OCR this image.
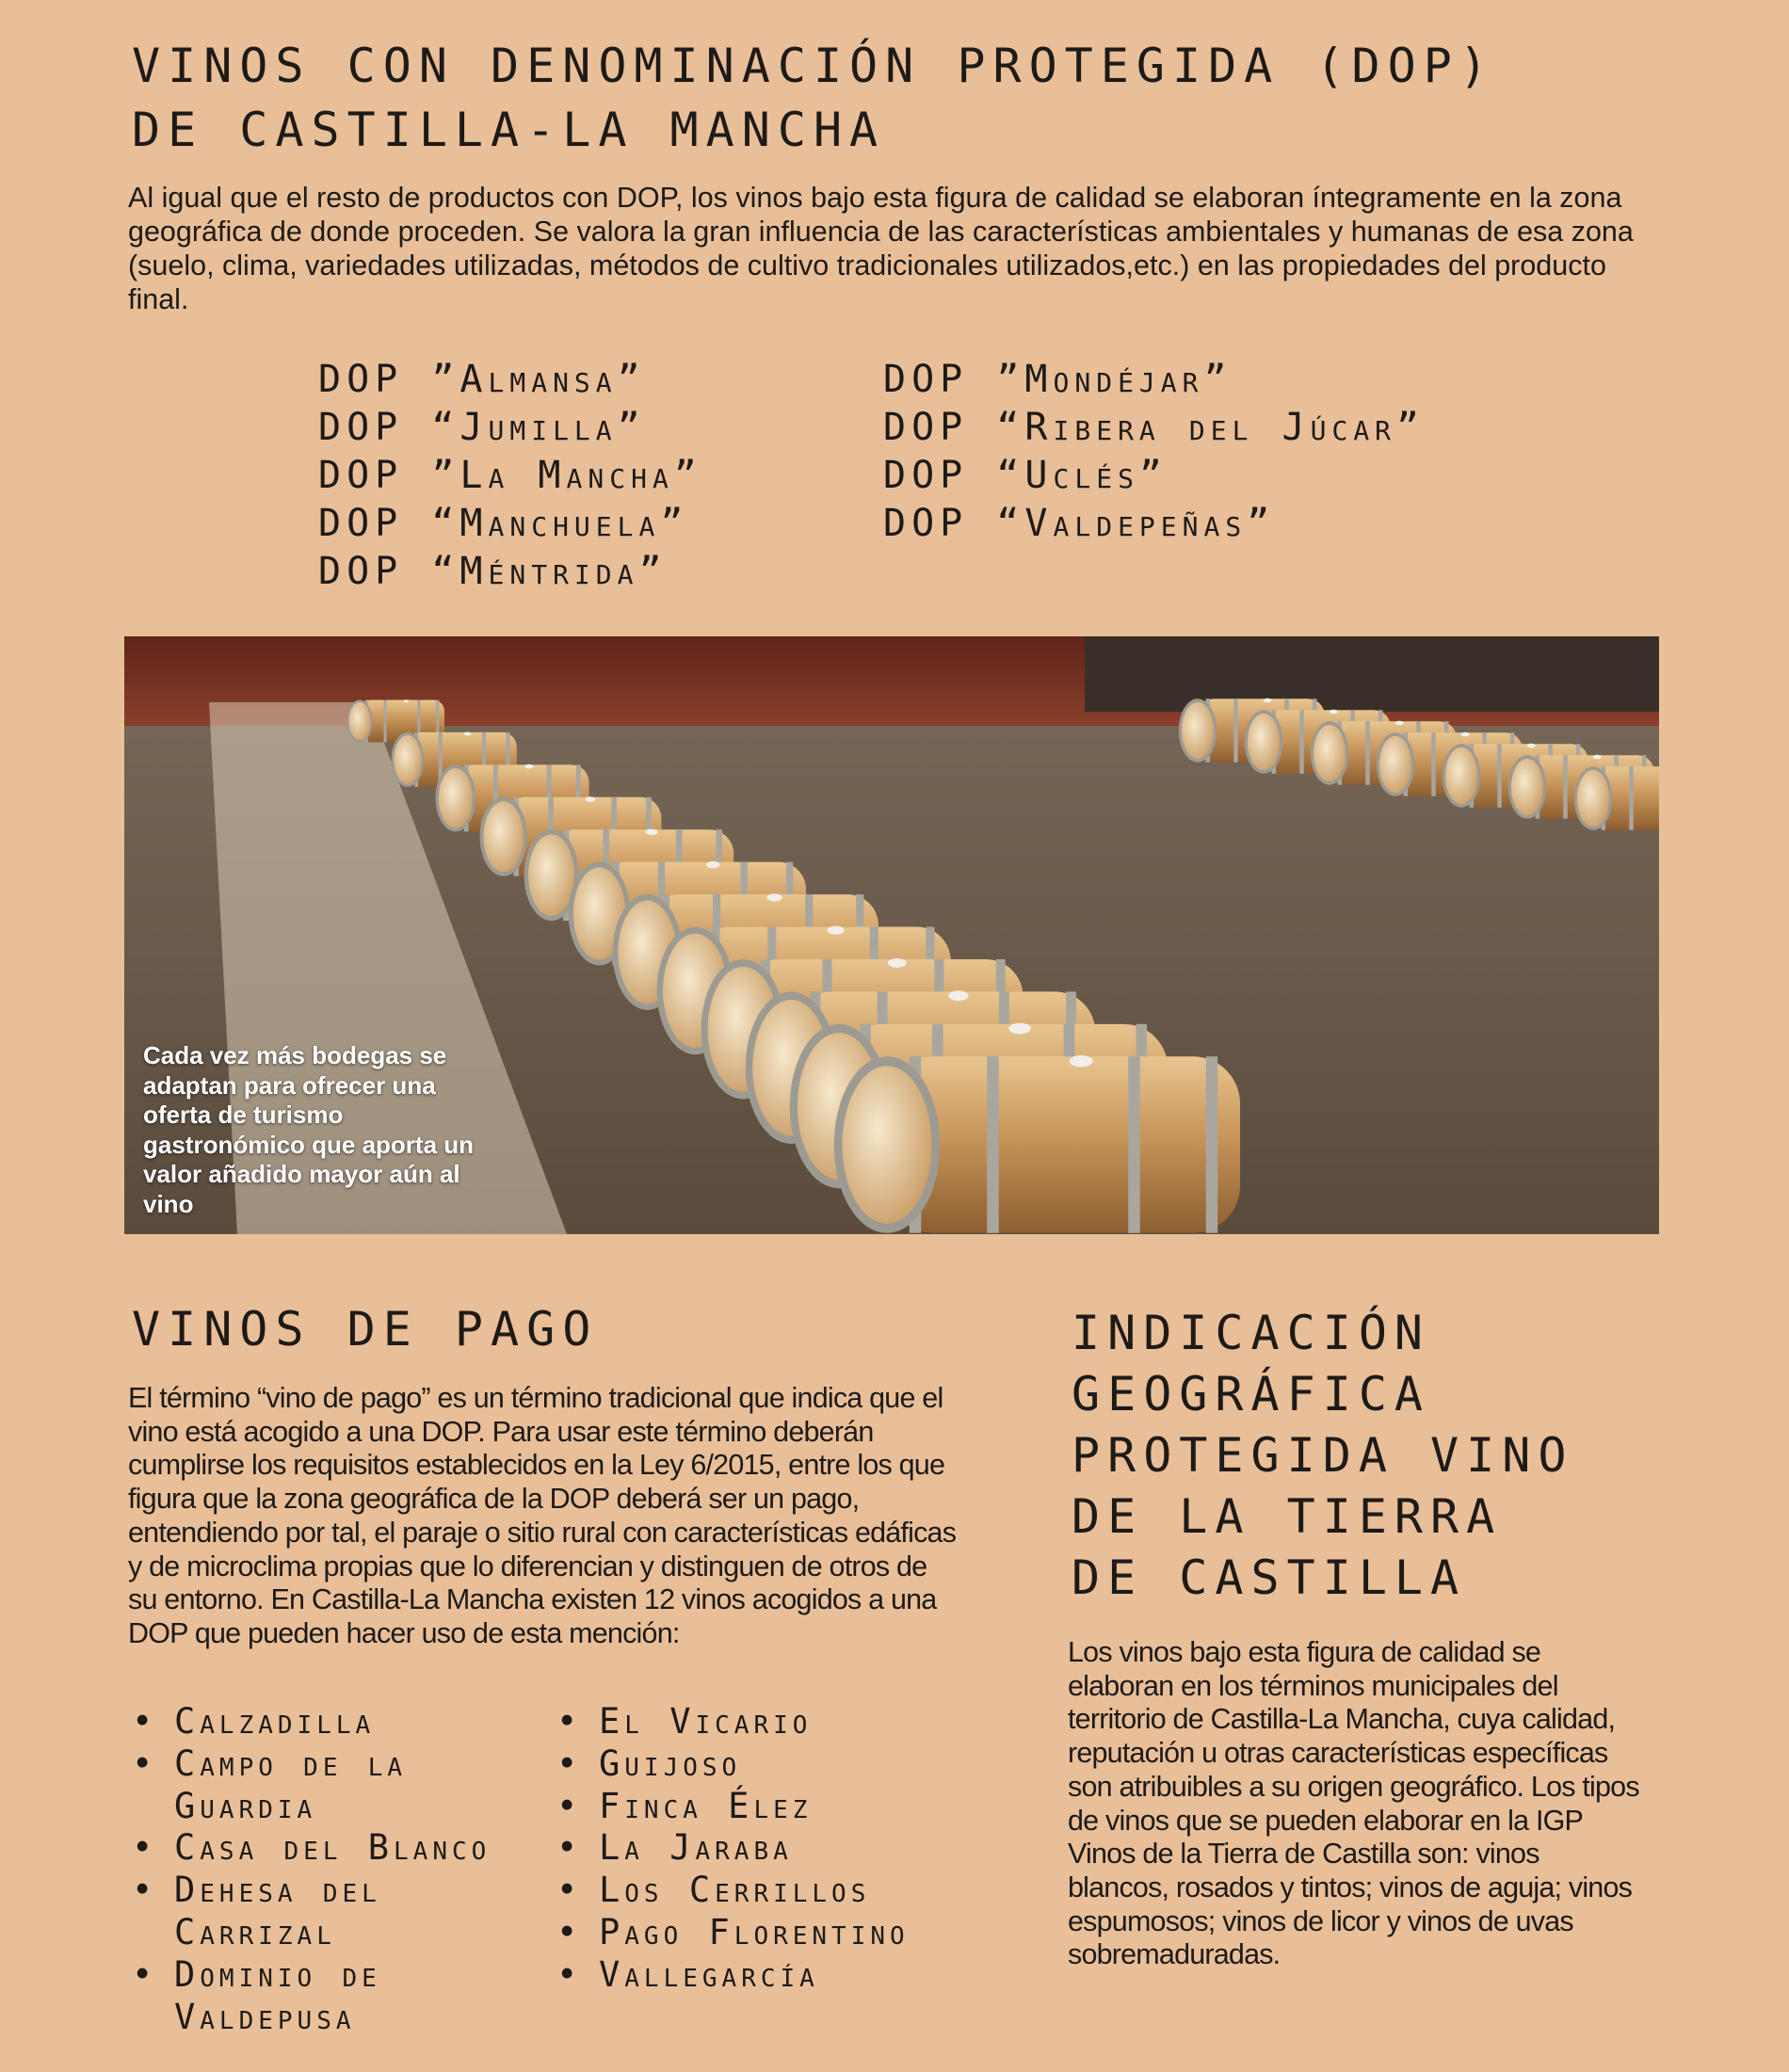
VINOS CON DENOMINACIÓN PROTEGIDA (DOP)
DE CASTILLA-LA MANCHA

Al igual que el resto de productos con DOP, los vinos bajo esta figura de calidad se elaboran íntegramente en la zona geográfica de donde proceden. Se valora la gran influencia de las características ambientales y humanas de esa zona (suelo, clima, variedades utilizadas, métodos de cultivo tradicionales utilizados,etc.) en las propiedades del producto final.

DOP ”Almansa”
DOP “Jumilla”
DOP ”La Mancha”
DOP “Manchuela”
DOP “Méntrida”
DOP ”Mondéjar”
DOP “Ribera del Júcar”
DOP “Uclés”
DOP “Valdepeñas”

Cada vez más bodegas se adaptan para ofrecer una oferta de turismo gastronómico que aporta un valor añadido mayor aún al vino

VINOS DE PAGO

El término “vino de pago” es un término tradicional que indica que el vino está acogido a una DOP. Para usar este término deberán cumplirse los requisitos establecidos en la Ley 6/2015, entre los que figura que la zona geográfica de la DOP deberá ser un pago, entendiendo por tal, el paraje o sitio rural con características edáficas y de microclima propias que lo diferencian y distinguen de otros de su entorno. En Castilla-La Mancha existen 12 vinos acogidos a una DOP que pueden hacer uso de esta mención:

• Calzadilla
• Campo de la Guardia
• Casa del Blanco
• Dehesa del Carrizal
• Dominio de Valdepusa
• El Vicario
• Guijoso
• Finca Élez
• La Jaraba
• Los Cerrillos
• Pago Florentino
• Vallegarcía
INDICACIÓN
GEOGRÁFICA
PROTEGIDA VINO
DE LA TIERRA
DE CASTILLA

Los vinos bajo esta figura de calidad se elaboran en los términos municipales del territorio de Castilla-La Mancha, cuya calidad, reputación u otras características específicas son atribuibles a su origen geográfico. Los tipos de vinos que se pueden elaborar en la IGP Vinos de la Tierra de Castilla son: vinos blancos, rosados y tintos; vinos de aguja; vinos espumosos; vinos de licor y vinos de uvas sobremaduradas.
